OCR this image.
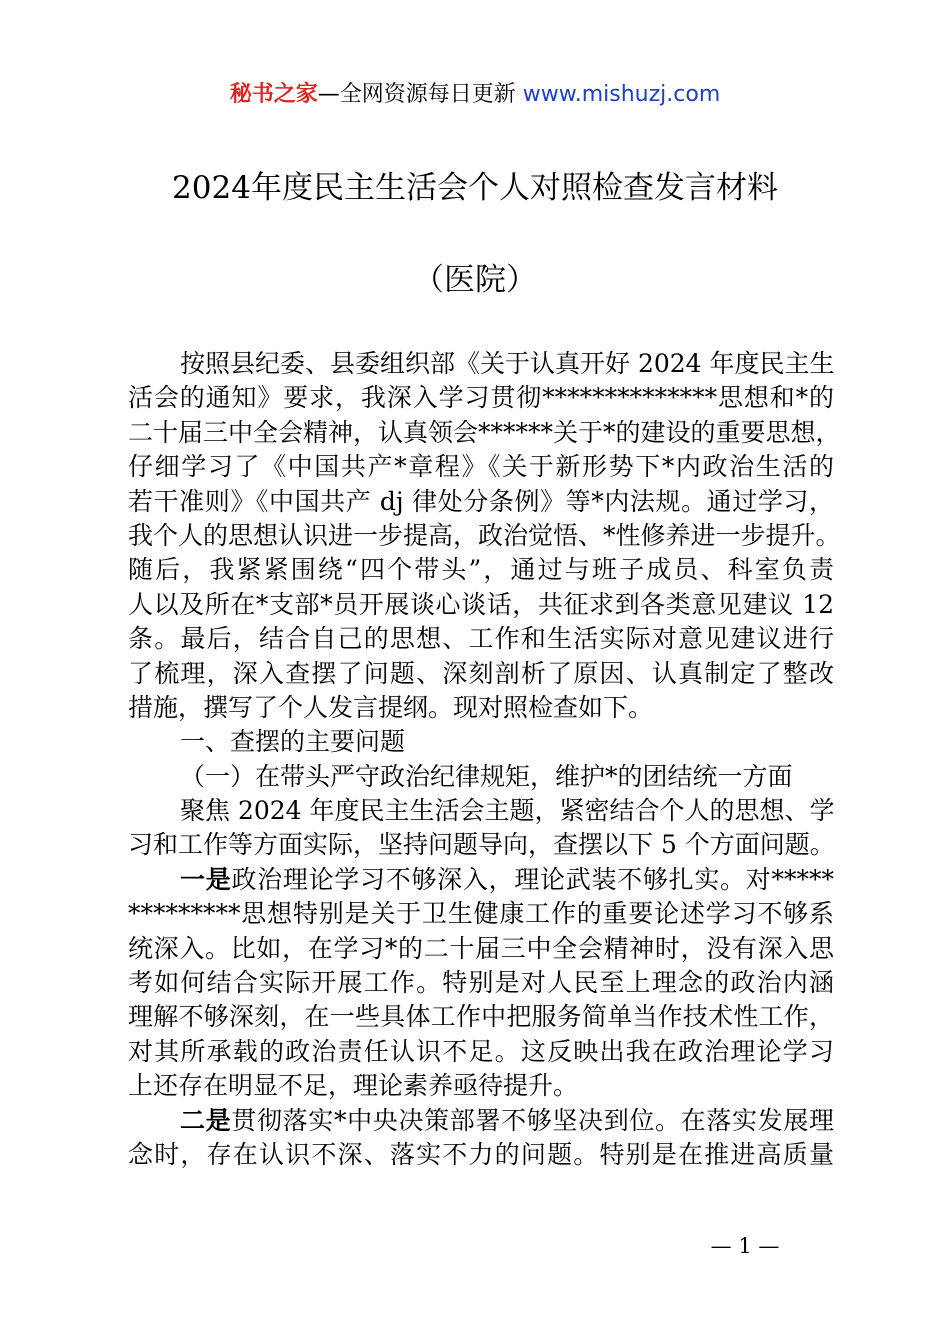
秘书之家—全网资源每日更新 www.mishuzj.com
2024年度民主生活会个人对照检查发言材料
（医院）
按照县纪委、县委组织部《关于认真开好 2024 年度民主生
活会的通知》要求，我深入学习贯彻**************思想和*的
二十届三中全会精神，认真领会******关于*的建设的重要思想，
仔细学习了《中国共产*章程》《关于新形势下*内政治生活的
若干准则》《中国共产 dj 律处分条例》等*内法规。通过学习，
我个人的思想认识进一步提高，政治觉悟、*性修养进一步提升。
随后，我紧紧围绕“四个带头”，通过与班子成员、科室负责
人以及所在*支部*员开展谈心谈话，共征求到各类意见建议 12
条。最后，结合自己的思想、工作和生活实际对意见建议进行
了梳理，深入查摆了问题、深刻剖析了原因、认真制定了整改
措施，撰写了个人发言提纲。现对照检查如下。
一、查摆的主要问题
（一）在带头严守政治纪律规矩，维护*的团结统一方面
聚焦 2024 年度民主生活会主题，紧密结合个人的思想、学
习和工作等方面实际，坚持问题导向，查摆以下 5 个方面问题。
一是政治理论学习不够深入，理论武装不够扎实。对*****
*********思想特别是关于卫生健康工作的重要论述学习不够系
统深入。比如，在学习*的二十届三中全会精神时，没有深入思
考如何结合实际开展工作。特别是对人民至上理念的政治内涵
理解不够深刻，在一些具体工作中把服务简单当作技术性工作，
对其所承载的政治责任认识不足。这反映出我在政治理论学习
上还存在明显不足，理论素养亟待提升。
二是贯彻落实*中央决策部署不够坚决到位。在落实发展理
念时，存在认识不深、落实不力的问题。特别是在推进高质量
— 1 —
